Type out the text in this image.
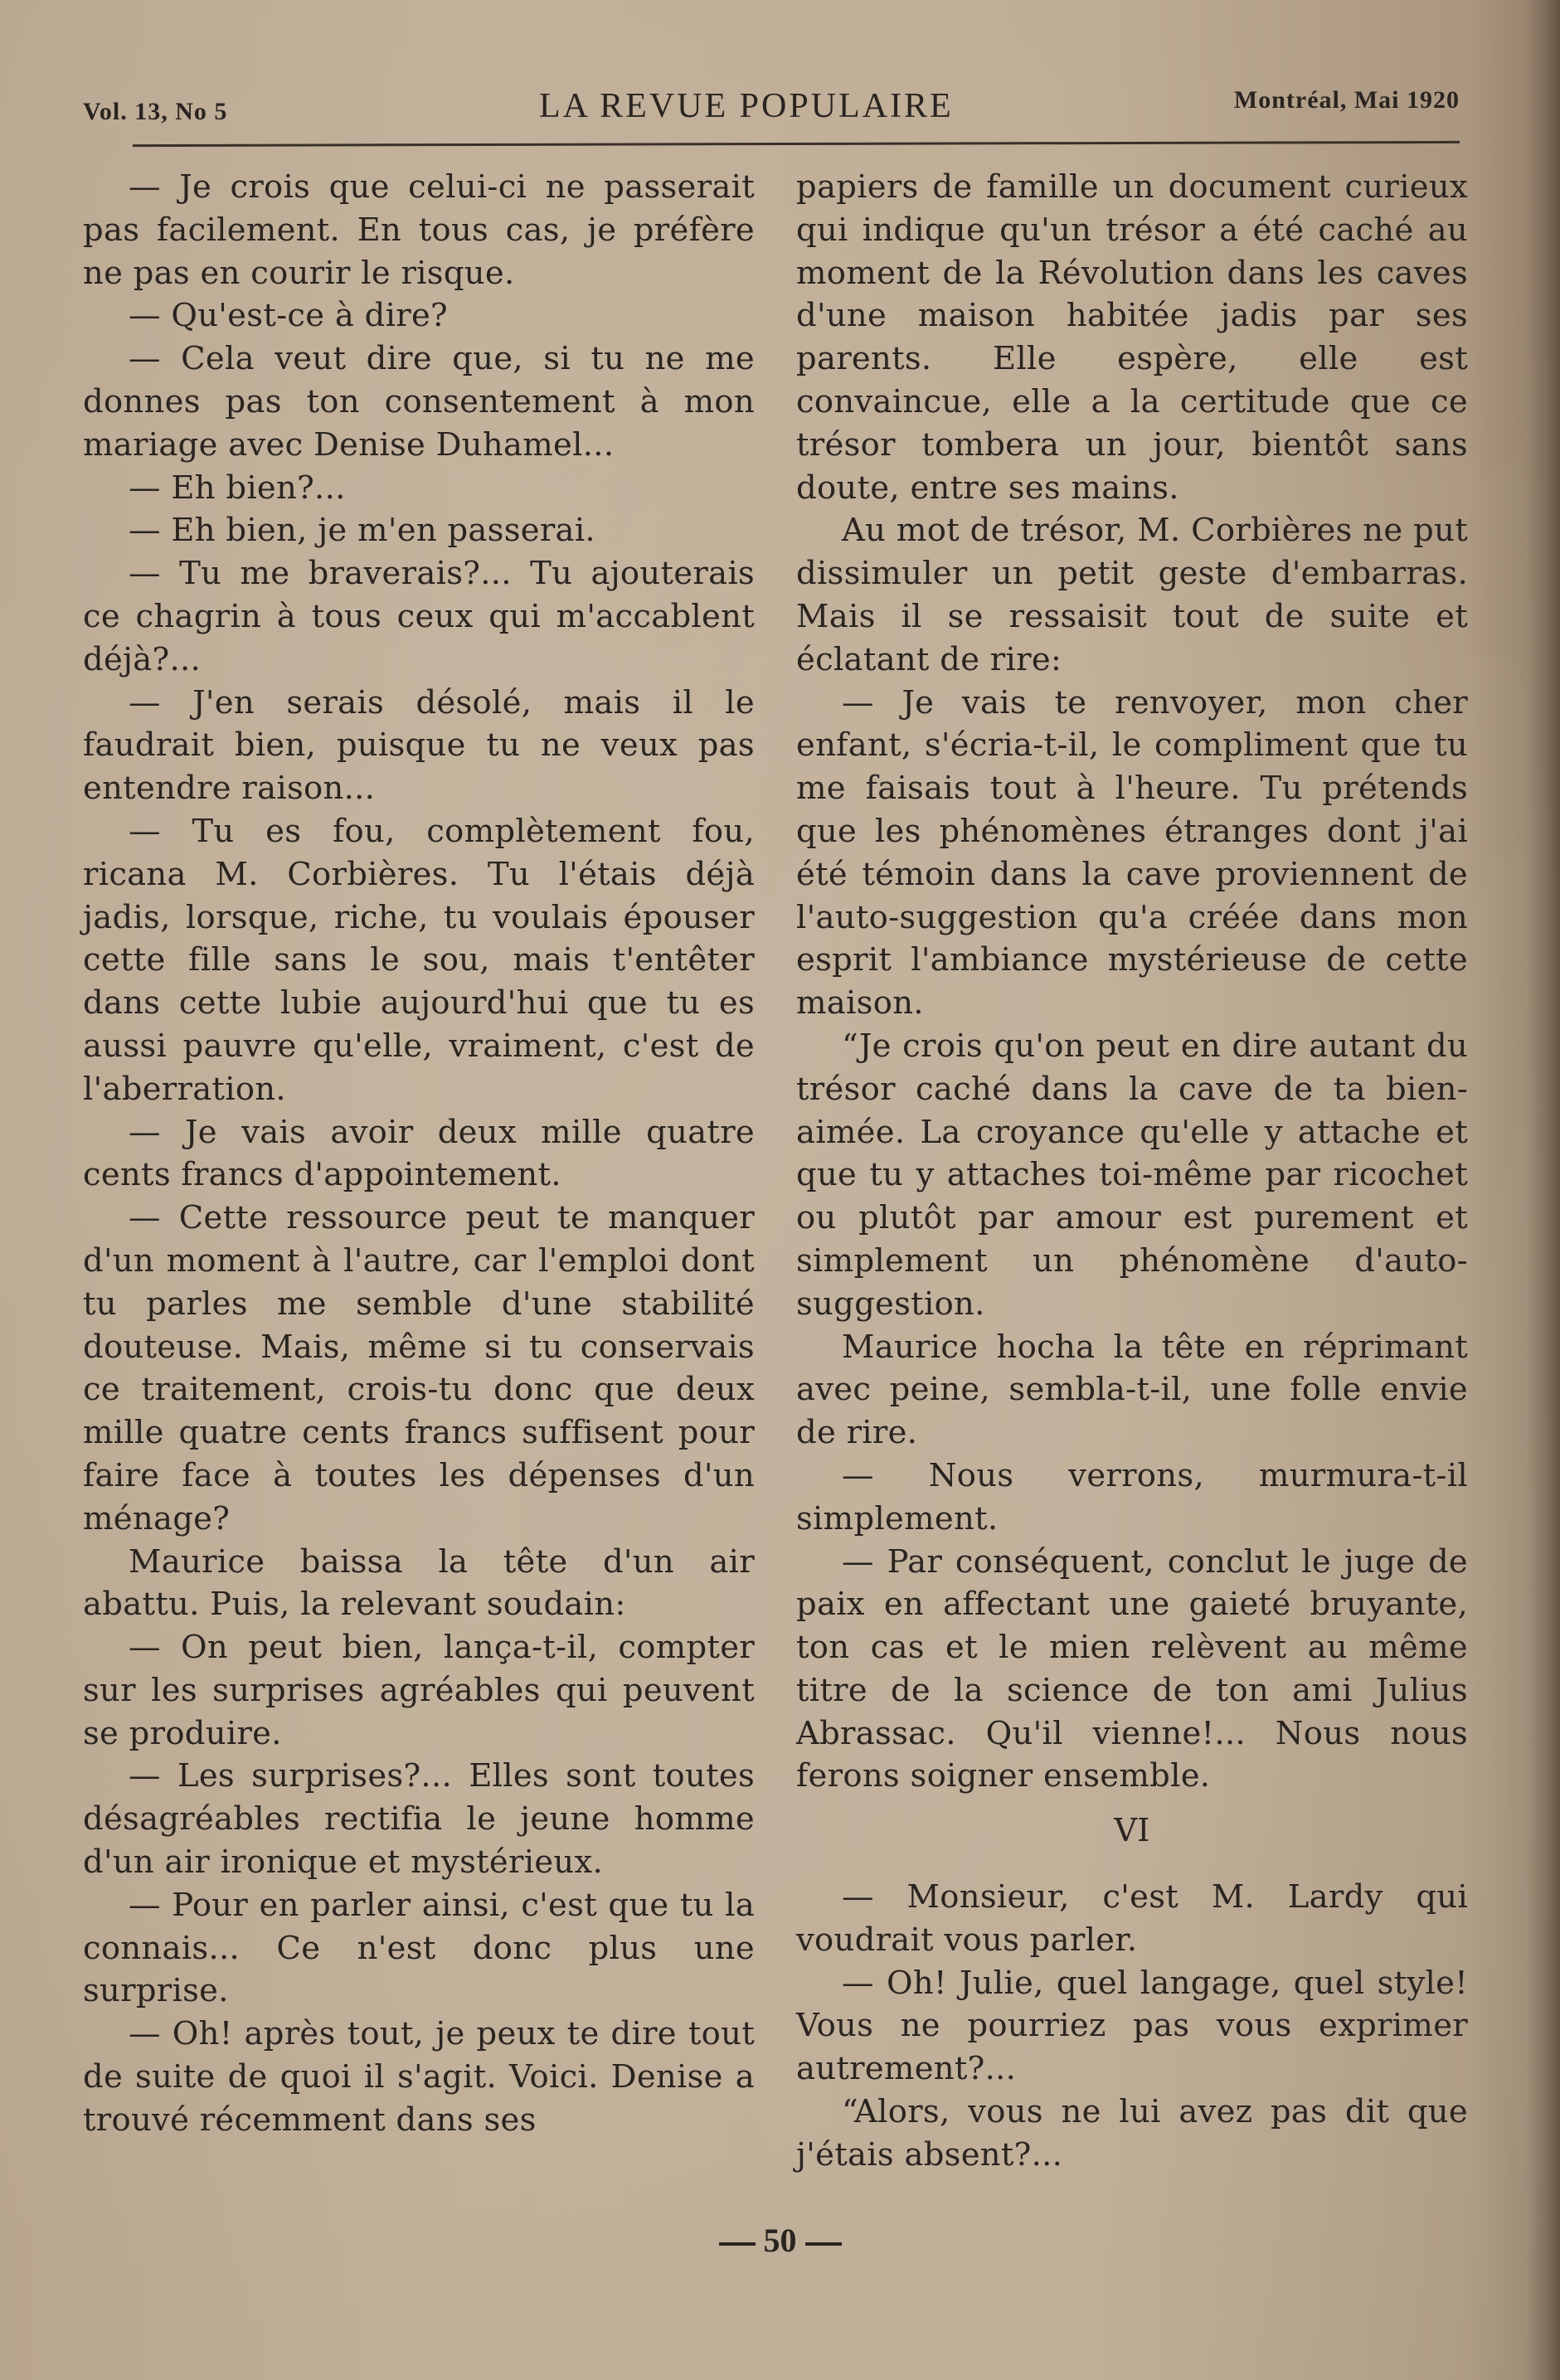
Vol. 13, No 5	LA REVUE POPULAIRE	Montréal, Mai 1920

— Je crois que celui-ci ne passerait pas facilement. En tous cas, je préfère ne pas en courir le risque.

— Qu'est-ce à dire?

— Cela veut dire que, si tu ne me donnes pas ton consentement à mon mariage avec Denise Duhamel...

— Eh bien?...

— Eh bien, je m'en passerai.

— Tu me braverais?... Tu ajouterais ce chagrin à tous ceux qui m'accablent déjà?...

— J'en serais désolé, mais il le faudrait bien, puisque tu ne veux pas entendre raison...

— Tu es fou, complètement fou, ricana M. Corbières. Tu l'étais déjà jadis, lorsque, riche, tu voulais épouser cette fille sans le sou, mais t'entêter dans cette lubie aujourd'hui que tu es aussi pauvre qu'elle, vraiment, c'est de l'aberration.

— Je vais avoir deux mille quatre cents francs d'appointement.

— Cette ressource peut te manquer d'un moment à l'autre, car l'emploi dont tu parles me semble d'une stabilité douteuse. Mais, même si tu conservais ce traitement, crois-tu donc que deux mille quatre cents francs suffisent pour faire face à toutes les dépenses d'un ménage?

Maurice baissa la tête d'un air abattu. Puis, la relevant soudain:

— On peut bien, lança-t-il, compter sur les surprises agréables qui peuvent se produire.

— Les surprises?... Elles sont toutes désagréables rectifia le jeune homme d'un air ironique et mystérieux.

— Pour en parler ainsi, c'est que tu la connais... Ce n'est donc plus une surprise.

— Oh! après tout, je peux te dire tout de suite de quoi il s'agit. Voici. Denise a trouvé récemment dans ses

papiers de famille un document curieux qui indique qu'un trésor a été caché au moment de la Révolution dans les caves d'une maison habitée jadis par ses parents. Elle espère, elle est convaincue, elle a la certitude que ce trésor tombera un jour, bientôt sans doute, entre ses mains.

Au mot de trésor, M. Corbières ne put dissimuler un petit geste d'embarras. Mais il se ressaisit tout de suite et éclatant de rire:

— Je vais te renvoyer, mon cher enfant, s'écria-t-il, le compliment que tu me faisais tout à l'heure. Tu prétends que les phénomènes étranges dont j'ai été témoin dans la cave proviennent de l'auto-suggestion qu'a créée dans mon esprit l'ambiance mystérieuse de cette maison.

“Je crois qu'on peut en dire autant du trésor caché dans la cave de ta bien-aimée. La croyance qu'elle y attache et que tu y attaches toi-même par ricochet ou plutôt par amour est purement et simplement un phénomène d'auto-suggestion.

Maurice hocha la tête en réprimant avec peine, sembla-t-il, une folle envie de rire.

— Nous verrons, murmura-t-il simplement.

— Par conséquent, conclut le juge de paix en affectant une gaieté bruyante, ton cas et le mien relèvent au même titre de la science de ton ami Julius Abrassac. Qu'il vienne!... Nous nous ferons soigner ensemble.

VI

— Monsieur, c'est M. Lardy qui voudrait vous parler.

— Oh! Julie, quel langage, quel style! Vous ne pourriez pas vous exprimer autrement?...

“Alors, vous ne lui avez pas dit que j'étais absent?...

50
